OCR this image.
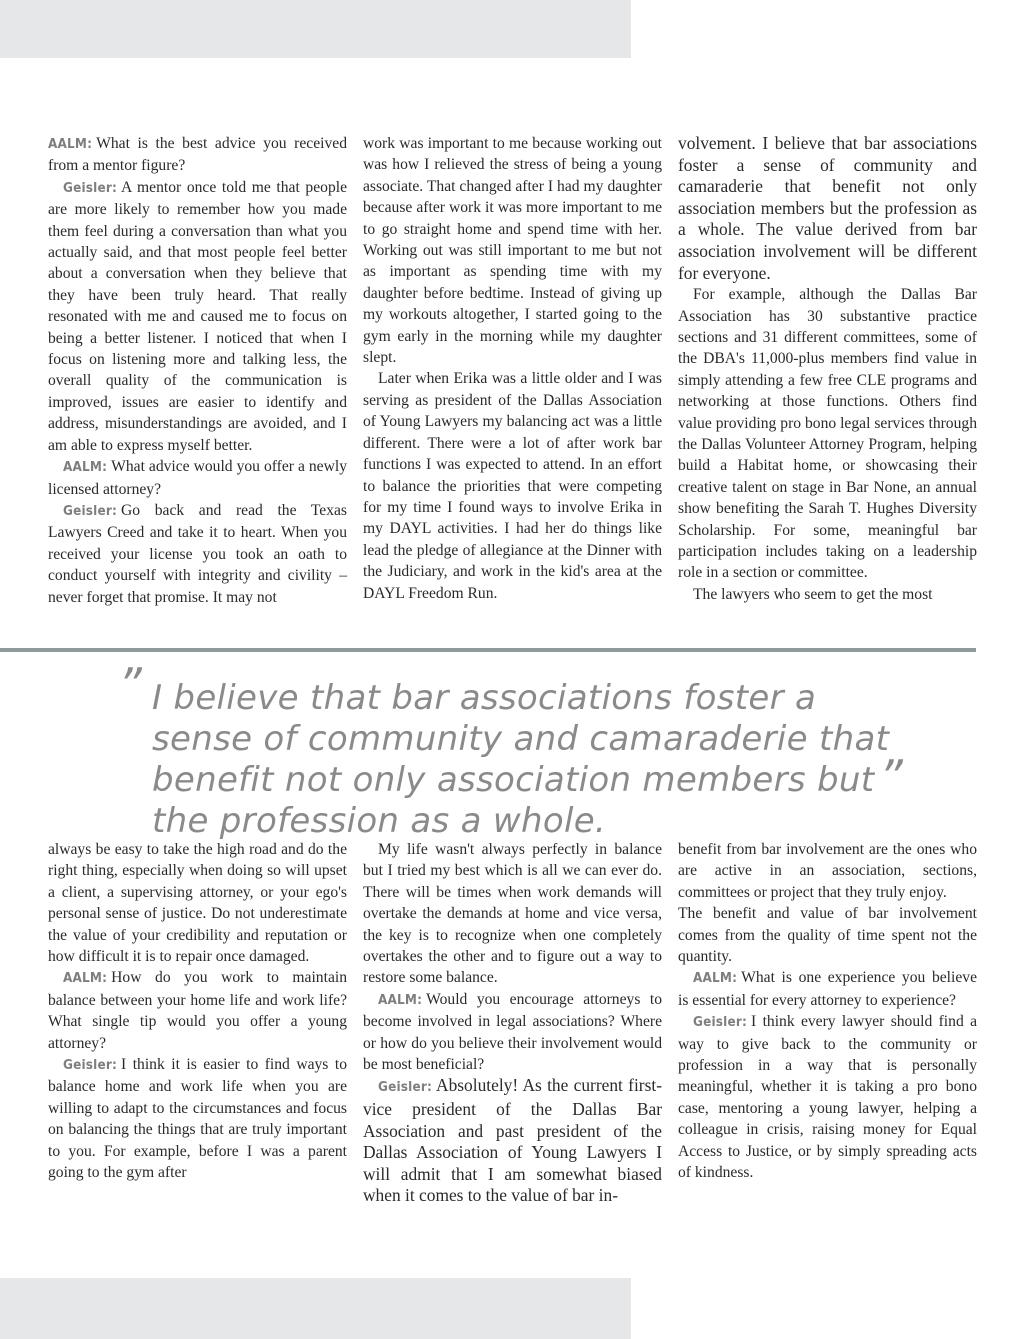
AALM: What is the best advice you received from a mentor figure?

Geisler: A mentor once told me that people are more likely to remember how you made them feel during a conversation than what you actually said, and that most people feel better about a conversation when they believe that they have been truly heard. That really resonated with me and caused me to focus on being a better listener. I noticed that when I focus on listening more and talking less, the overall quality of the communication is improved, issues are easier to identify and address, misunderstandings are avoided, and I am able to express myself better.

AALM: What advice would you offer a newly licensed attorney?

Geisler: Go back and read the Texas Lawyers Creed and take it to heart. When you received your license you took an oath to conduct yourself with integrity and civility – never forget that promise. It may not

work was important to me because working out was how I relieved the stress of being a young associate. That changed after I had my daughter because after work it was more important to me to go straight home and spend time with her. Working out was still important to me but not as important as spending time with my daughter before bedtime. Instead of giving up my workouts altogether, I started going to the gym early in the morning while my daughter slept.

Later when Erika was a little older and I was serving as president of the Dallas Association of Young Lawyers my balancing act was a little different. There were a lot of after work bar functions I was expected to attend. In an effort to balance the priorities that were competing for my time I found ways to involve Erika in my DAYL activities. I had her do things like lead the pledge of allegiance at the Dinner with the Judiciary, and work in the kid's area at the DAYL Freedom Run.

volvement. I believe that bar associations foster a sense of community and camaraderie that benefit not only association members but the profession as a whole. The value derived from bar association involvement will be different for everyone.

For example, although the Dallas Bar Association has 30 substantive practice sections and 31 different committees, some of the DBA's 11,000-plus members find value in simply attending a few free CLE programs and networking at those functions. Others find value providing pro bono legal services through the Dallas Volunteer Attorney Program, helping build a Habitat home, or showcasing their creative talent on stage in Bar None, an annual show benefiting the Sarah T. Hughes Diversity Scholarship. For some, meaningful bar participation includes taking on a leadership role in a section or committee.

The lawyers who seem to get the most

” I believe that bar associations foster a sense of community and camaraderie that benefit not only association members but the profession as a whole.
”

always be easy to take the high road and do the right thing, especially when doing so will upset a client, a supervising attorney, or your ego's personal sense of justice. Do not underestimate the value of your credibility and reputation or how difficult it is to repair once damaged.

AALM: How do you work to maintain balance between your home life and work life? What single tip would you offer a young attorney?

Geisler: I think it is easier to find ways to balance home and work life when you are willing to adapt to the circumstances and focus on balancing the things that are truly important to you. For example, before I was a parent going to the gym after

My life wasn't always perfectly in balance but I tried my best which is all we can ever do. There will be times when work demands will overtake the demands at home and vice versa, the key is to recognize when one completely overtakes the other and to figure out a way to restore some balance.

AALM: Would you encourage attorneys to become involved in legal associations? Where or how do you believe their involvement would be most beneficial?

Geisler: Absolutely! As the current first-vice president of the Dallas Bar Association and past president of the Dallas Association of Young Lawyers I will admit that I am somewhat biased when it comes to the value of bar in-

benefit from bar involvement are the ones who are active in an association, sections, committees or project that they truly enjoy.

The benefit and value of bar involvement comes from the quality of time spent not the quantity.

AALM: What is one experience you believe is essential for every attorney to experience?

Geisler: I think every lawyer should find a way to give back to the community or profession in a way that is personally meaningful, whether it is taking a pro bono case, mentoring a young lawyer, helping a colleague in crisis, raising money for Equal Access to Justice, or by simply spreading acts of kindness.
